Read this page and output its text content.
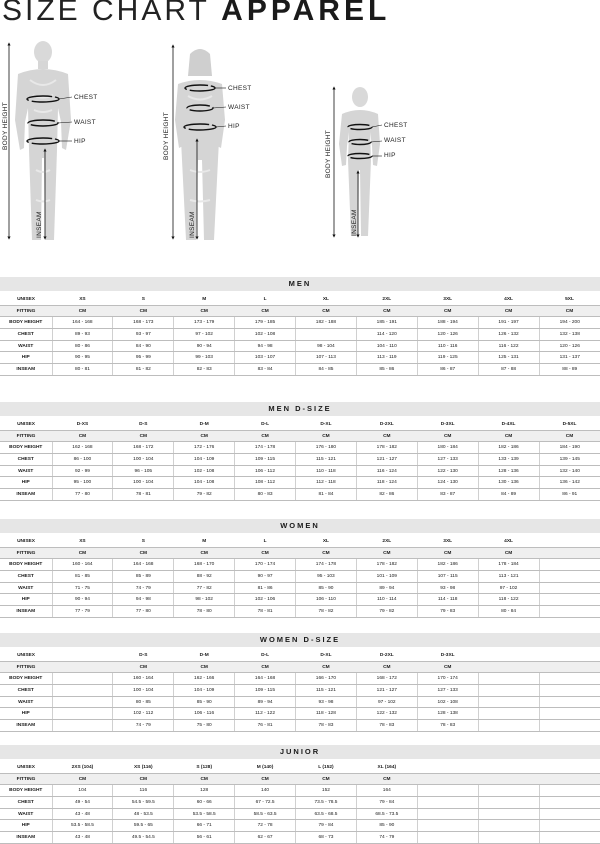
SIZE CHART APPAREL
CHEST
WAIST
HIP
BODY HEIGHT
INSEAM
CHEST
WAIST
HIP
BODY HEIGHT
INSEAM
CHEST
WAIST
HIP
BODY HEIGHT
INSEAM
MEN
UNISEX	XS	S	M	L	XL	2XL	3XL	4XL	5XL
FITTING	CM	CM	CM	CM	CM	CM	CM	CM	CM
BODY HEIGHT	164 - 168	168 - 173	173 - 179	179 - 185	182 - 188	185 - 191	188 - 194	191 - 197	194 - 200
CHEST	89 - 93	93 - 97	97 - 102	102 - 108		114 - 120	120 - 126	126 - 132	132 - 138
WAIST	80 - 86	84 - 90	90 - 94	94 - 98	98 - 104	104 - 110	110 - 116	116 - 122	120 - 126
HIP	90 - 95	95 - 99	99 - 103	103 - 107	107 - 113	113 - 119	119 - 125	125 - 131	131 - 137
INSEAM	80 - 81	81 - 82	82 - 83	83 - 84	84 - 85	85 - 86	86 - 87	87 - 88	88 - 89
MEN D-SIZE
UNISEX	D-XS	D-S	D-M	D-L	D-XL	D-2XL	D-3XL	D-4XL	D-5XL
FITTING	CM	CM	CM	CM	CM	CM	CM	CM	CM
BODY HEIGHT	162 - 168	168 - 172	172 - 176	174 - 178	176 - 180	178 - 182	180 - 184	182 - 186	184 - 190
CHEST	86 - 100	100 - 104	104 - 109	109 - 115	115 - 121	121 - 127	127 - 133	133 - 139	139 - 145
WAIST	92 - 99	96 - 105	102 - 108	106 - 112	110 - 118	116 - 124	122 - 130	128 - 136	132 - 140
HIP	95 - 100	100 - 104	104 - 108	108 - 112	112 - 118	118 - 124	124 - 130	130 - 136	136 - 142
INSEAM	77 - 80	78 - 81	79 - 82	80 - 83	81 - 84	82 - 86	83 - 87	84 - 89	86 - 91
WOMEN
UNISEX	XS	S	M	L	XL	2XL	3XL	4XL	
FITTING	CM	CM	CM	CM	CM	CM	CM	CM	
BODY HEIGHT	160 - 164	164 - 168	168 - 170	170 - 174	174 - 178	178 - 182	182 - 186	178 - 184	
CHEST	81 - 85	85 - 89	88 - 92	90 - 97	95 - 103	101 - 109	107 - 115	113 - 121	
WAIST	71 - 75	74 - 79	77 - 82	81 - 86	85 - 90	89 - 94	93 - 98	97 - 102	
HIP	90 - 94	94 - 98	98 - 102	102 - 106	106 - 110	110 - 114	114 - 118	118 - 122	
INSEAM	77 - 79	77 - 80	78 - 80	78 - 81	78 - 82	79 - 82	79 - 83	80 - 84	
WOMEN D-SIZE
UNISEX		D-S	D-M	D-L	D-XL	D-2XL	D-3XL		
FITTING		CM	CM	CM	CM	CM	CM		
BODY HEIGHT		160 - 164	162 - 166	164 - 168	166 - 170	168 - 172	170 - 174		
CHEST		100 - 104	104 - 109	109 - 115	115 - 121	121 - 127	127 - 133		
WAIST		80 - 85	85 - 90	89 - 94	93 - 98	97 - 102	102 - 108		
HIP		102 - 112	106 - 116	112 - 122	118 - 128	122 - 132	128 - 138		
INSEAM		74 - 79	75 - 80	76 - 81	78 - 83	78 - 83	78 - 83		
JUNIOR
UNISEX	2XS (104)	XS (116)	S (128)	M (140)	L (152)	XL (164)			
FITTING	CM	CM	CM	CM	CM	CM			
BODY HEIGHT	104	116	128	140	152	164			
CHEST	49 - 54	54.5 - 59.5	60 - 66	67 - 72.5	73.5 - 78.5	79 - 84			
WAIST	43 - 48	48 - 53.5	53.5 - 58.5	58.5 - 63.5	63.5 - 68.5	68.5 - 73.5			
HIP	53.5 - 58.5	59.5 - 65	66 - 71	72 - 78	79 - 84	85 - 90			
INSEAM	43 - 48	49.5 - 54.5	56 - 61	62 - 67	68 - 73	74 - 79			
